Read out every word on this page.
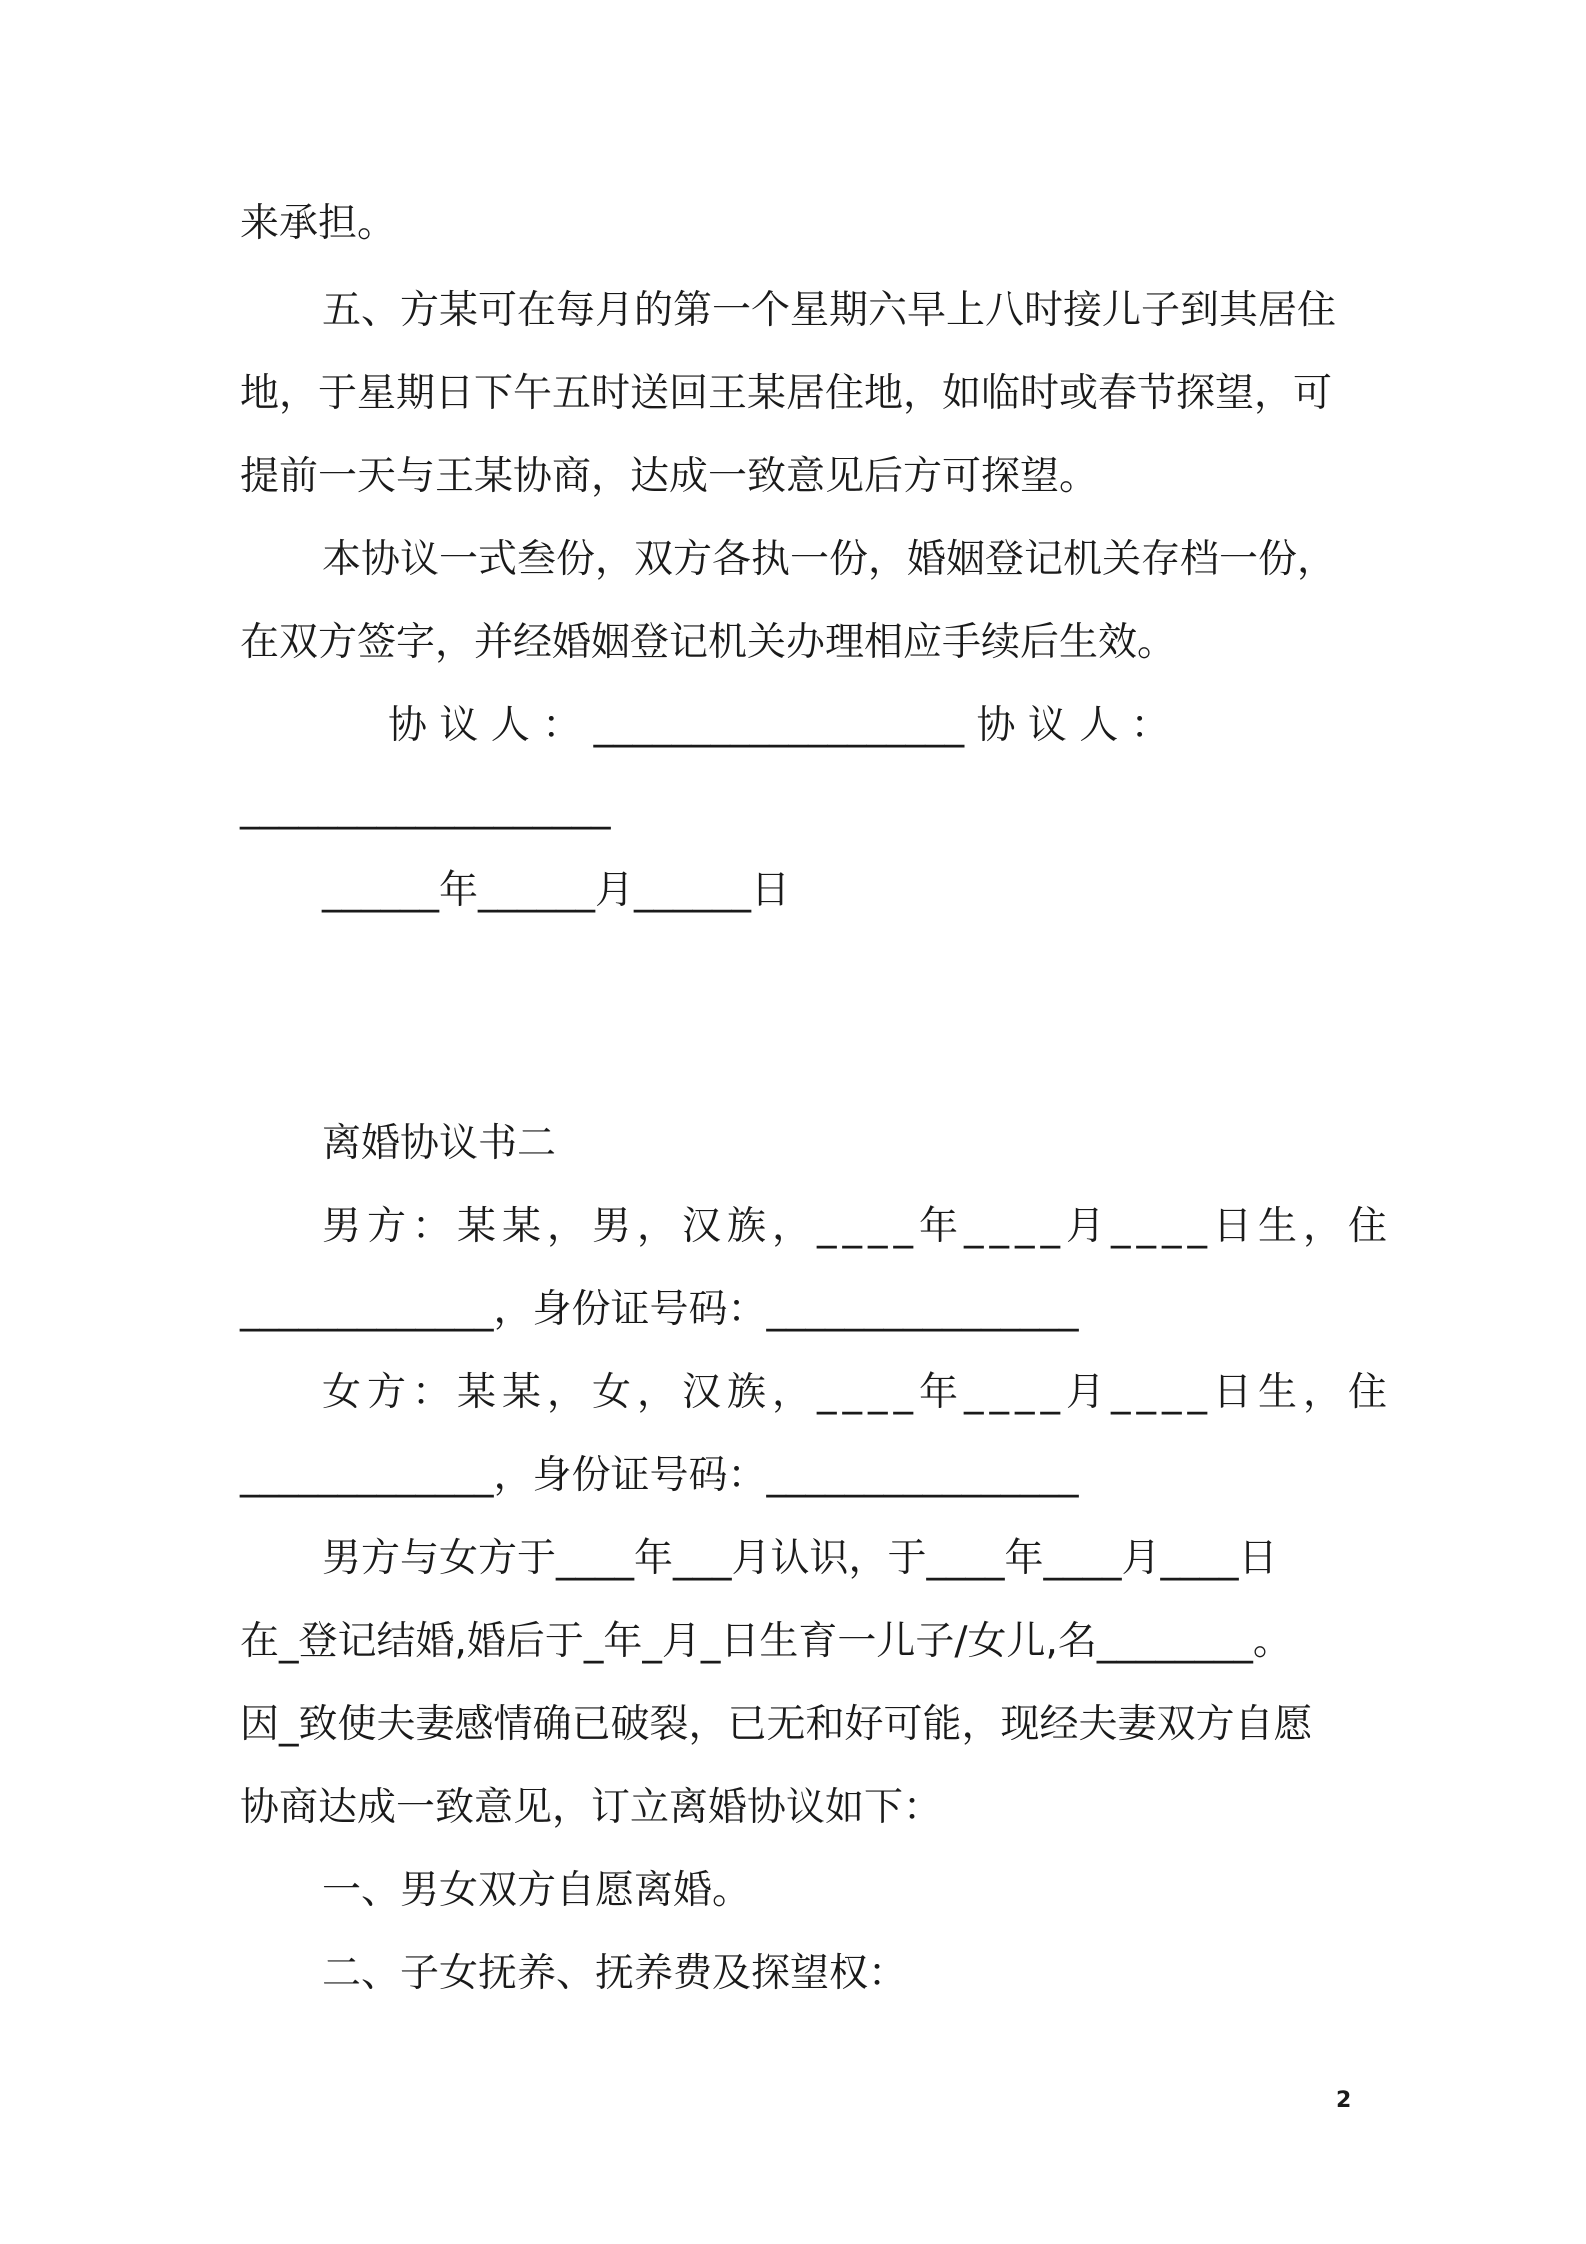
来承担。
五、方某可在每月的第一个星期六早上八时接儿子到其居住
地，于星期日下午五时送回王某居住地，如临时或春节探望，可
提前一天与王某协商，达成一致意见后方可探望。
本协议一式叁份，双方各执一份，婚姻登记机关存档一份，
在双方签字，并经婚姻登记机关办理相应手续后生效。
协 议 人 ： ___________________ 协 议 人 ：
___________________
______年______月______日
离婚协议书二
男方：某某，男，汉族，____年____月____日生，住
_____________，身份证号码：________________
女方：某某，女，汉族，____年____月____日生，住
_____________，身份证号码：________________
男方与女方于____年___月认识，于____年____月____日
在_登记结婚,婚后于_年_月_日生育一儿子/女儿,名________。
因_致使夫妻感情确已破裂，已无和好可能，现经夫妻双方自愿
协商达成一致意见，订立离婚协议如下：
一、男女双方自愿离婚。
二、子女抚养、抚养费及探望权：
2
